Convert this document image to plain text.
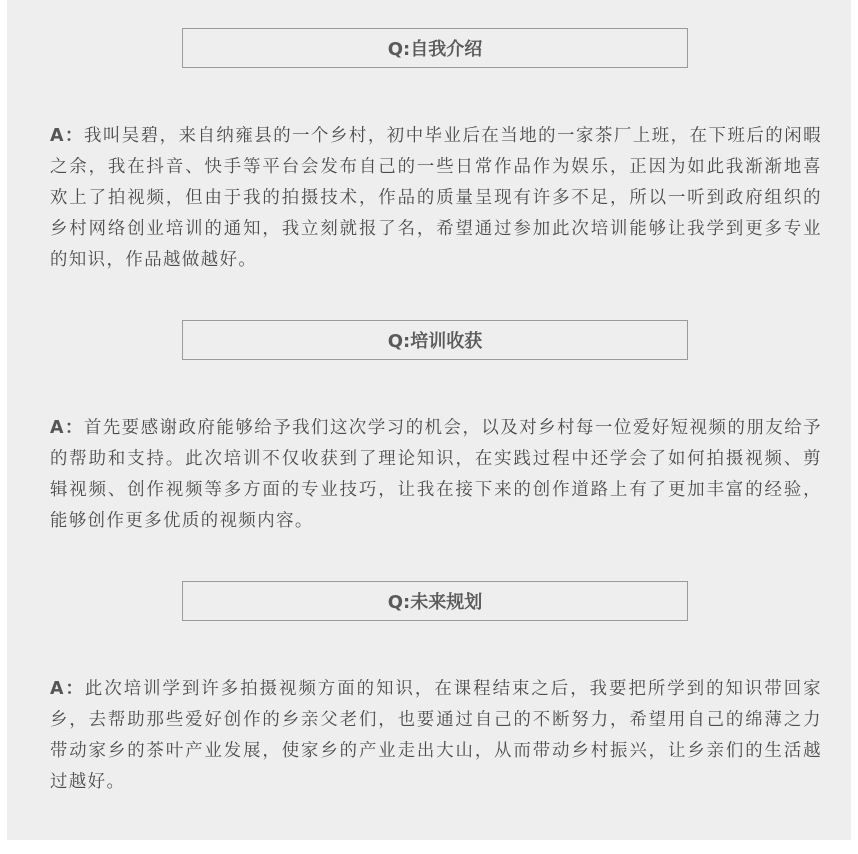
Q:自我介绍
A：我叫吴碧，来自纳雍县的一个乡村，初中毕业后在当地的一家茶厂上班，在下班后的闲暇之余，我在抖音、快手等平台会发布自己的一些日常作品作为娱乐，正因为如此我渐渐地喜欢上了拍视频，但由于我的拍摄技术，作品的质量呈现有许多不足，所以一听到政府组织的乡村网络创业培训的通知，我立刻就报了名，希望通过参加此次培训能够让我学到更多专业的知识，作品越做越好。
Q:培训收获
A：首先要感谢政府能够给予我们这次学习的机会，以及对乡村每一位爱好短视频的朋友给予的帮助和支持。此次培训不仅收获到了理论知识，在实践过程中还学会了如何拍摄视频、剪辑视频、创作视频等多方面的专业技巧，让我在接下来的创作道路上有了更加丰富的经验，能够创作更多优质的视频内容。
Q:未来规划
A：此次培训学到许多拍摄视频方面的知识，在课程结束之后，我要把所学到的知识带回家乡，去帮助那些爱好创作的乡亲父老们，也要通过自己的不断努力，希望用自己的绵薄之力带动家乡的茶叶产业发展，使家乡的产业走出大山，从而带动乡村振兴，让乡亲们的生活越过越好。
